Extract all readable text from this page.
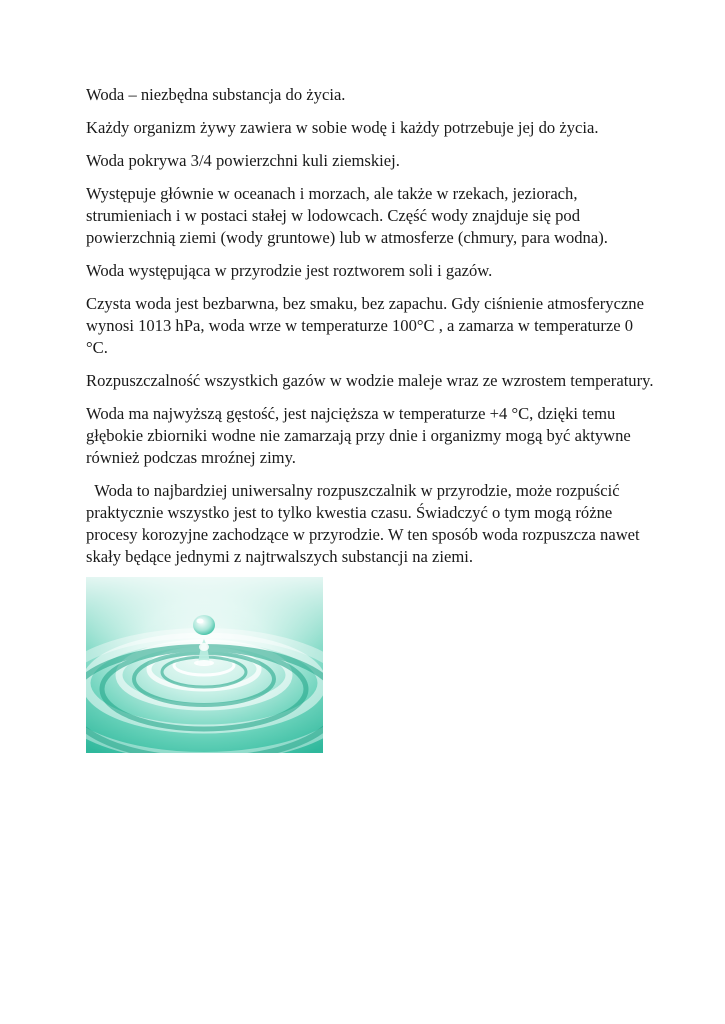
Woda – niezbędna substancja do życia.

Każdy organizm żywy zawiera w sobie wodę i każdy potrzebuje jej do życia.

Woda pokrywa 3/4 powierzchni kuli ziemskiej.

Występuje głównie w oceanach i morzach, ale także w rzekach, jeziorach, strumieniach i w postaci stałej w lodowcach. Część wody znajduje się pod powierzchnią ziemi (wody gruntowe) lub w atmosferze (chmury, para wodna).

Woda występująca w przyrodzie jest roztworem soli i gazów.

Czysta woda jest bezbarwna, bez smaku, bez zapachu. Gdy ciśnienie atmosferyczne wynosi 1013 hPa, woda wrze w temperaturze 100°C , a zamarza w temperaturze 0 °C.

Rozpuszczalność wszystkich gazów w wodzie maleje wraz ze wzrostem temperatury.

Woda ma najwyższą gęstość, jest najcięższa w temperaturze +4 °C, dzięki temu głębokie zbiorniki wodne nie zamarzają przy dnie i organizmy mogą być aktywne również podczas mroźnej zimy.

Woda to najbardziej uniwersalny rozpuszczalnik w przyrodzie, może rozpuścić praktycznie wszystko jest to tylko kwestia czasu. Świadczyć o tym mogą różne procesy korozyjne zachodzące w przyrodzie. W ten sposób woda rozpuszcza nawet skały będące jednymi z najtrwalszych substancji na ziemi.
